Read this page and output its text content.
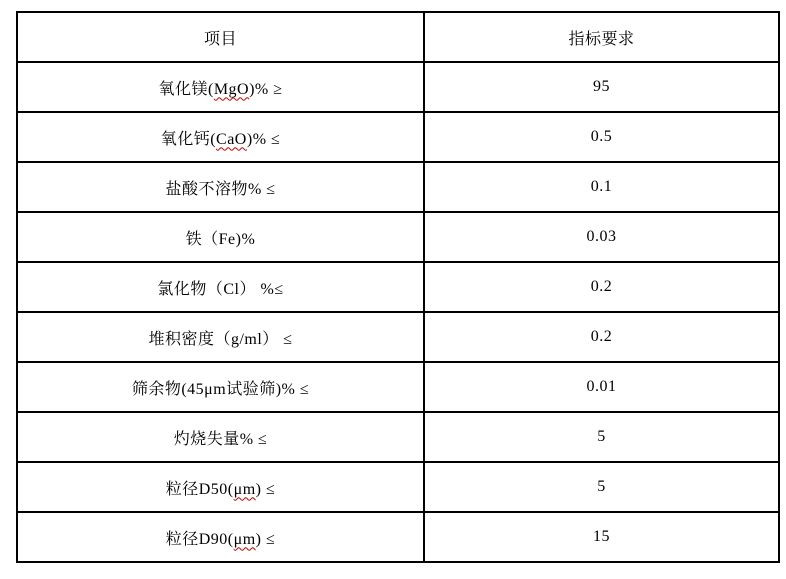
项目	指标要求
氧化镁(MgO)% ≥	95
氧化钙(CaO)% ≤	0.5
盐酸不溶物% ≤	0.1
铁（Fe)%	0.03
氯化物（Cl） %≤	0.2
堆积密度（g/ml） ≤	0.2
筛余物(45μm试验筛)% ≤	0.01
灼烧失量% ≤	5
粒径D50(μm) ≤	5
粒径D90(μm) ≤	15
